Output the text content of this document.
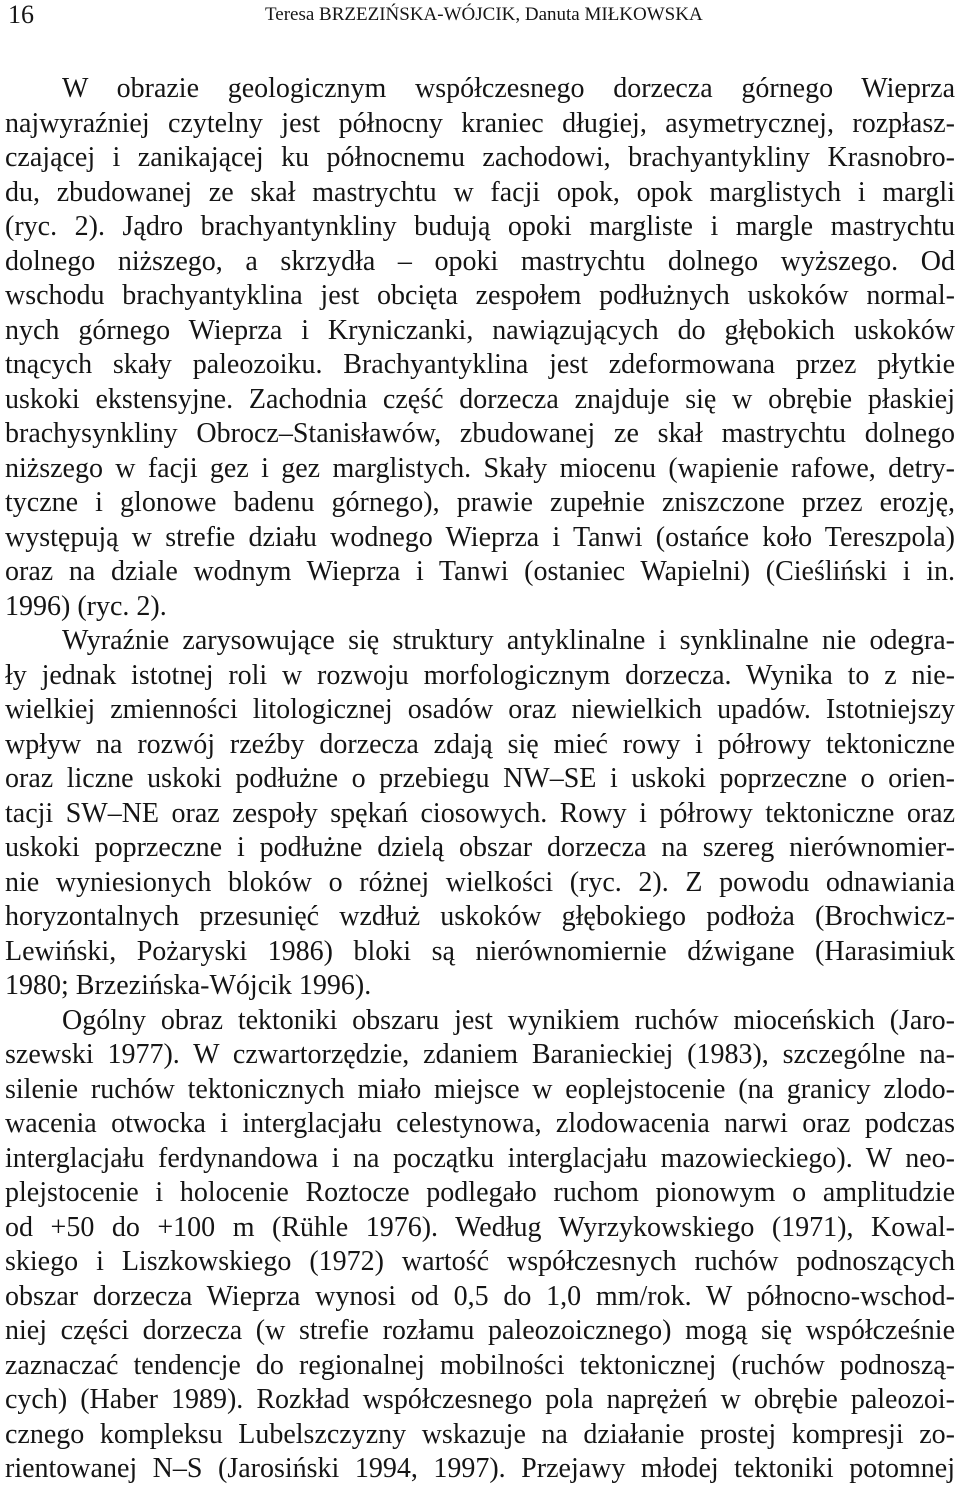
16	Teresa BRZEZIŃSKA-WÓJCIK, Danuta MIŁKOWSKA
W obrazie geologicznym współczesnego dorzecza górnego Wieprza
najwyraźniej czytelny jest północny kraniec długiej, asymetrycznej, rozpłasz-
czającej i zanikającej ku północnemu zachodowi, brachyantykliny Krasnobro-
du, zbudowanej ze skał mastrychtu w facji opok, opok marglistych i margli
(ryc. 2). Jądro brachyantynkliny budują opoki margliste i margle mastrychtu
dolnego niższego, a skrzydła – opoki mastrychtu dolnego wyższego. Od
wschodu brachyantyklina jest obcięta zespołem podłużnych uskoków normal-
nych górnego Wieprza i Kryniczanki, nawiązujących do głębokich uskoków
tnących skały paleozoiku. Brachyantyklina jest zdeformowana przez płytkie
uskoki ekstensyjne. Zachodnia część dorzecza znajduje się w obrębie płaskiej
brachysynkliny Obrocz–Stanisławów, zbudowanej ze skał mastrychtu dolnego
niższego w facji gez i gez marglistych. Skały miocenu (wapienie rafowe, detry-
tyczne i glonowe badenu górnego), prawie zupełnie zniszczone przez erozję,
występują w strefie działu wodnego Wieprza i Tanwi (ostańce koło Tereszpola)
oraz na dziale wodnym Wieprza i Tanwi (ostaniec Wapielni) (Cieśliński i in.
1996) (ryc. 2).
Wyraźnie zarysowujące się struktury antyklinalne i synklinalne nie odegra-
ły jednak istotnej roli w rozwoju morfologicznym dorzecza. Wynika to z nie-
wielkiej zmienności litologicznej osadów oraz niewielkich upadów. Istotniejszy
wpływ na rozwój rzeźby dorzecza zdają się mieć rowy i półrowy tektoniczne
oraz liczne uskoki podłużne o przebiegu NW–SE i uskoki poprzeczne o orien-
tacji SW–NE oraz zespoły spękań ciosowych. Rowy i półrowy tektoniczne oraz
uskoki poprzeczne i podłużne dzielą obszar dorzecza na szereg nierównomier-
nie wyniesionych bloków o różnej wielkości (ryc. 2). Z powodu odnawiania
horyzontalnych przesunięć wzdłuż uskoków głębokiego podłoża (Brochwicz-
Lewiński, Pożaryski 1986) bloki są nierównomiernie dźwigane (Harasimiuk
1980; Brzezińska-Wójcik 1996).
Ogólny obraz tektoniki obszaru jest wynikiem ruchów mioceńskich (Jaro-
szewski 1977). W czwartorzędzie, zdaniem Baranieckiej (1983), szczególne na-
silenie ruchów tektonicznych miało miejsce w eoplejstocenie (na granicy zlodo-
wacenia otwocka i interglacjału celestynowa, zlodowacenia narwi oraz podczas
interglacjału ferdynandowa i na początku interglacjału mazowieckiego). W neo-
plejstocenie i holocenie Roztocze podlegało ruchom pionowym o amplitudzie
od +50 do +100 m (Rühle 1976). Według Wyrzykowskiego (1971), Kowal-
skiego i Liszkowskiego (1972) wartość współczesnych ruchów podnoszących
obszar dorzecza Wieprza wynosi od 0,5 do 1,0 mm/rok. W północno-wschod-
niej części dorzecza (w strefie rozłamu paleozoicznego) mogą się współcześnie
zaznaczać tendencje do regionalnej mobilności tektonicznej (ruchów podnoszą-
cych) (Haber 1989). Rozkład współczesnego pola naprężeń w obrębie paleozoi-
cznego kompleksu Lubelszczyzny wskazuje na działanie prostej kompresji zo-
rientowanej N–S (Jarosiński 1994, 1997). Przejawy młodej tektoniki potomnej
